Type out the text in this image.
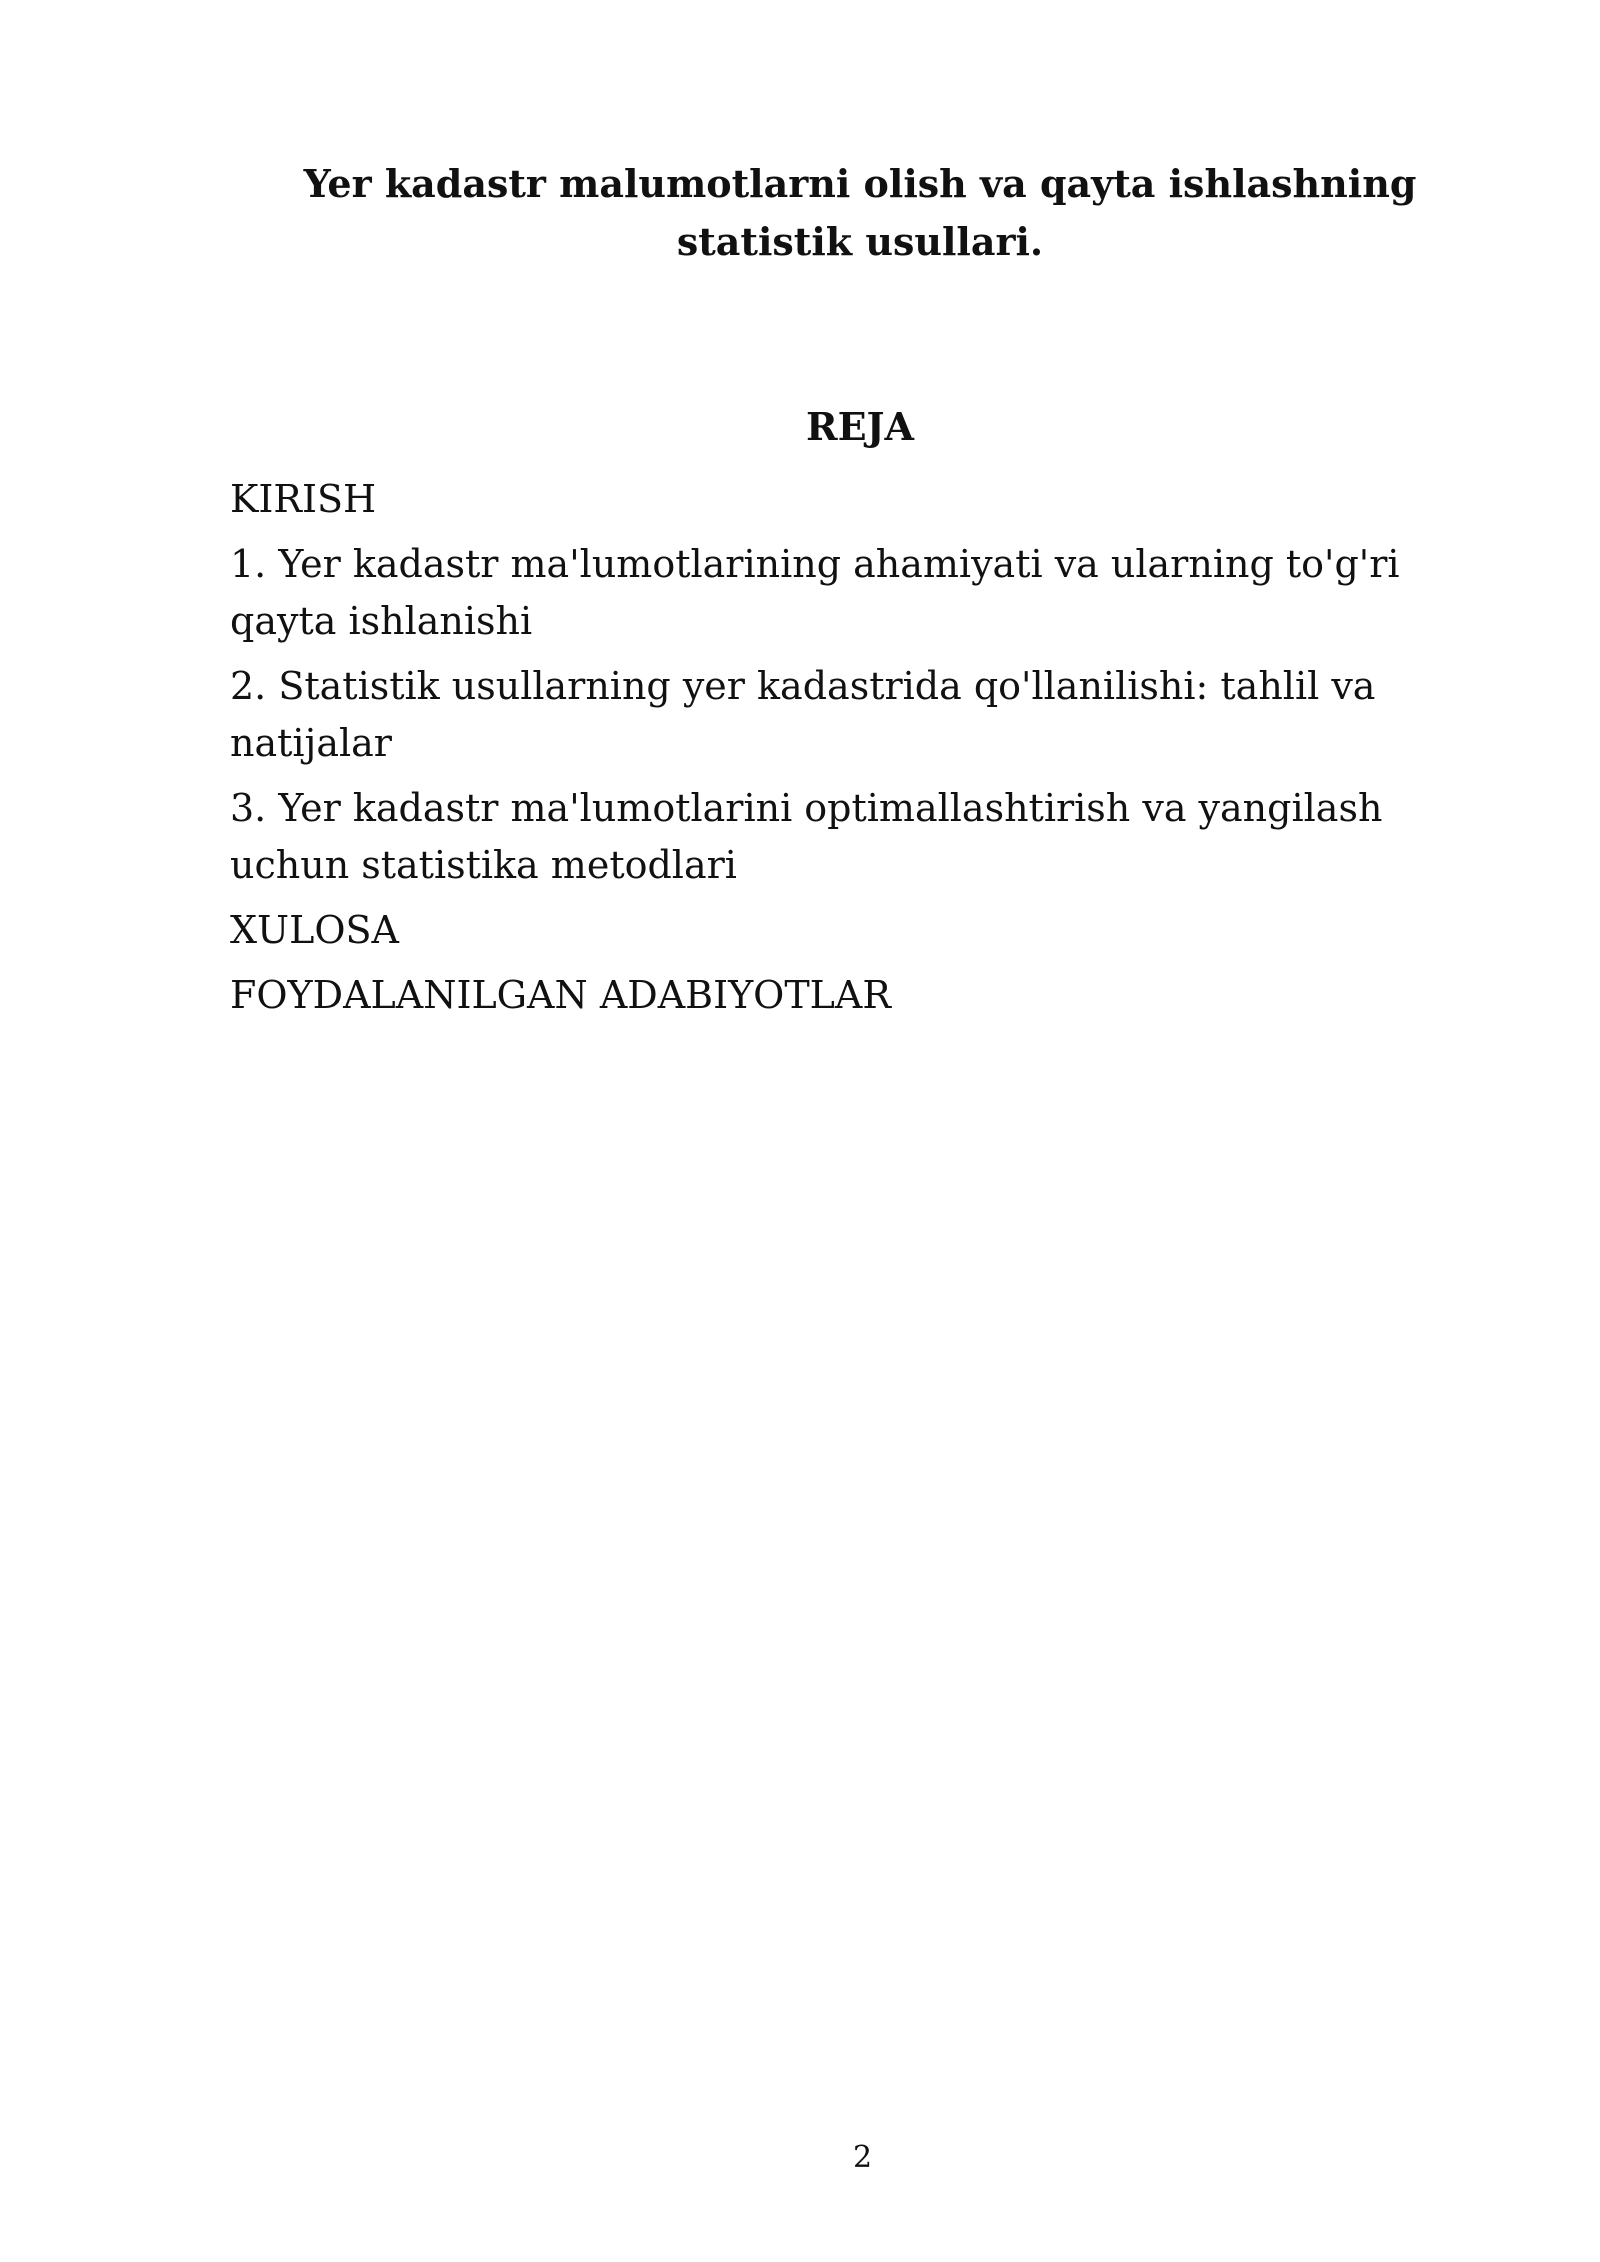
Yer kadastr malumotlarni olish va qayta ishlashning statistik usullari.
REJA
KIRISH
1. Yer kadastr ma'lumotlarining ahamiyati va ularning to'g'ri qayta ishlanishi
2. Statistik usullarning yer kadastrida qo'llanilishi: tahlil va natijalar
3. Yer kadastr ma'lumotlarini optimallashtirish va yangilash uchun statistika metodlari
XULOSA
FOYDALANILGAN ADABIYOTLAR
2
